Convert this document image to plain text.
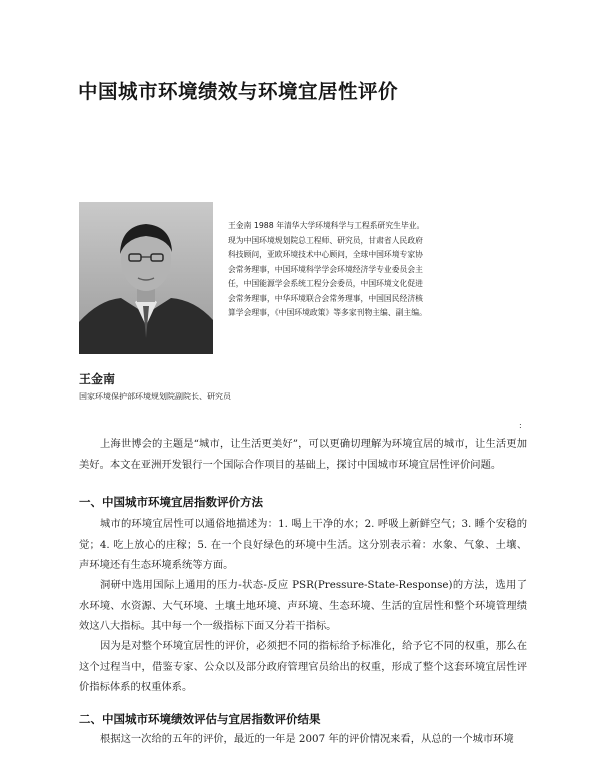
中国城市环境绩效与环境宜居性评价

王金南 1988 年清华大学环境科学与工程系研究生毕业。现为中国环境规划院总工程师、研究员，甘肃省人民政府科技顾问，亚欧环境技术中心顾问，全球中国环境专家协会常务理事，中国环境科学学会环境经济学专业委员会主任，中国能源学会系统工程分会委员，中国环境文化促进会常务理事，中华环境联合会常务理事，中国国民经济核算学会理事，《中国环境政策》等多家刊物主编、副主编。

王金南

国家环境保护部环境规划院副院长、研究员

:

上海世博会的主题是“城市，让生活更美好”，可以更确切理解为环境宜居的城市，让生活更加美好。本文在亚洲开发银行一个国际合作项目的基础上，探讨中国城市环境宜居性评价问题。

一、中国城市环境宜居指数评价方法

城市的环境宜居性可以通俗地描述为：1. 喝上干净的水；2. 呼吸上新鲜空气；3. 睡个安稳的觉；4. 吃上放心的庄稼；5. 在一个良好绿色的环境中生活。这分别表示着：水象、气象、土壤、声环境还有生态环境系统等方面。

洞研中选用国际上通用的压力-状态-反应 PSR(Pressure-State-Response)的方法，选用了水环境、水资源、大气环境、土壤土地环境、声环境、生态环境、生活的宜居性和整个环境管理绩效这八大指标。其中每一个一级指标下面又分若干指标。

因为是对整个环境宜居性的评价，必须把不同的指标给予标准化，给予它不同的权重，那么在这个过程当中，借鉴专家、公众以及部分政府管理官员给出的权重，形成了整个这套环境宜居性评价指标体系的权重体系。

二、中国城市环境绩效评估与宜居指数评价结果

根据这一次给的五年的评价，最近的一年是 2007 年的评价情况来看，从总的一个城市环境
